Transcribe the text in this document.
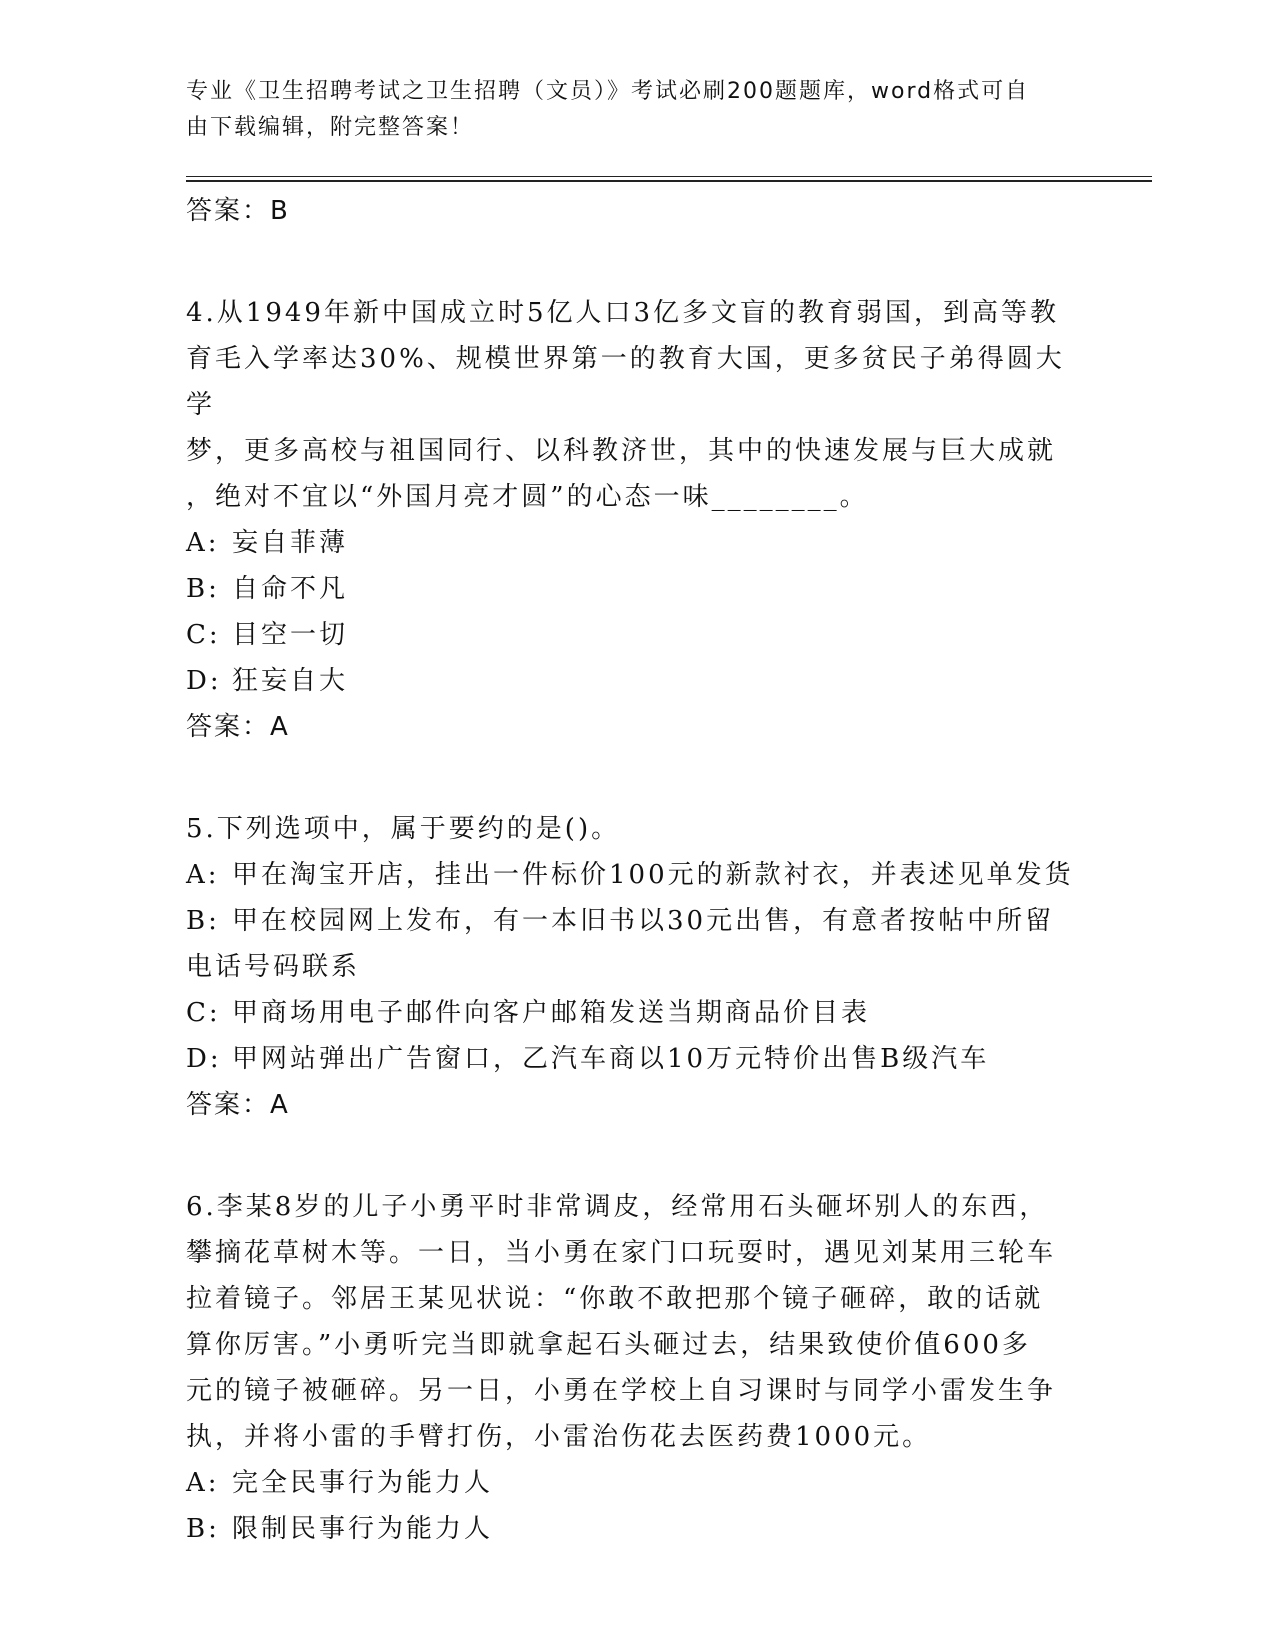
专业《卫生招聘考试之卫生招聘（文员）》考试必刷200题题库，word格式可自
由下载编辑，附完整答案！

答案：B

4.从1949年新中国成立时5亿人口3亿多文盲的教育弱国，到高等教

育毛入学率达30%、规模世界第一的教育大国，更多贫民子弟得圆大学

梦，更多高校与祖国同行、以科教济世，其中的快速发展与巨大成就

，绝对不宜以“外国月亮才圆”的心态一味________。

A: 妄自菲薄

B: 自命不凡

C: 目空一切

D: 狂妄自大

答案：A

5.下列选项中，属于要约的是()。

A: 甲在淘宝开店，挂出一件标价100元的新款衬衣，并表述见单发货

B: 甲在校园网上发布，有一本旧书以30元出售，有意者按帖中所留

电话号码联系

C: 甲商场用电子邮件向客户邮箱发送当期商品价目表

D: 甲网站弹出广告窗口，乙汽车商以10万元特价出售B级汽车

答案：A

6.李某8岁的儿子小勇平时非常调皮，经常用石头砸坏别人的东西，

攀摘花草树木等。一日，当小勇在家门口玩耍时，遇见刘某用三轮车

拉着镜子。邻居王某见状说：“你敢不敢把那个镜子砸碎，敢的话就

算你厉害。”小勇听完当即就拿起石头砸过去，结果致使价值600多

元的镜子被砸碎。另一日，小勇在学校上自习课时与同学小雷发生争

执，并将小雷的手臂打伤，小雷治伤花去医药费1000元。

A: 完全民事行为能力人

B: 限制民事行为能力人
